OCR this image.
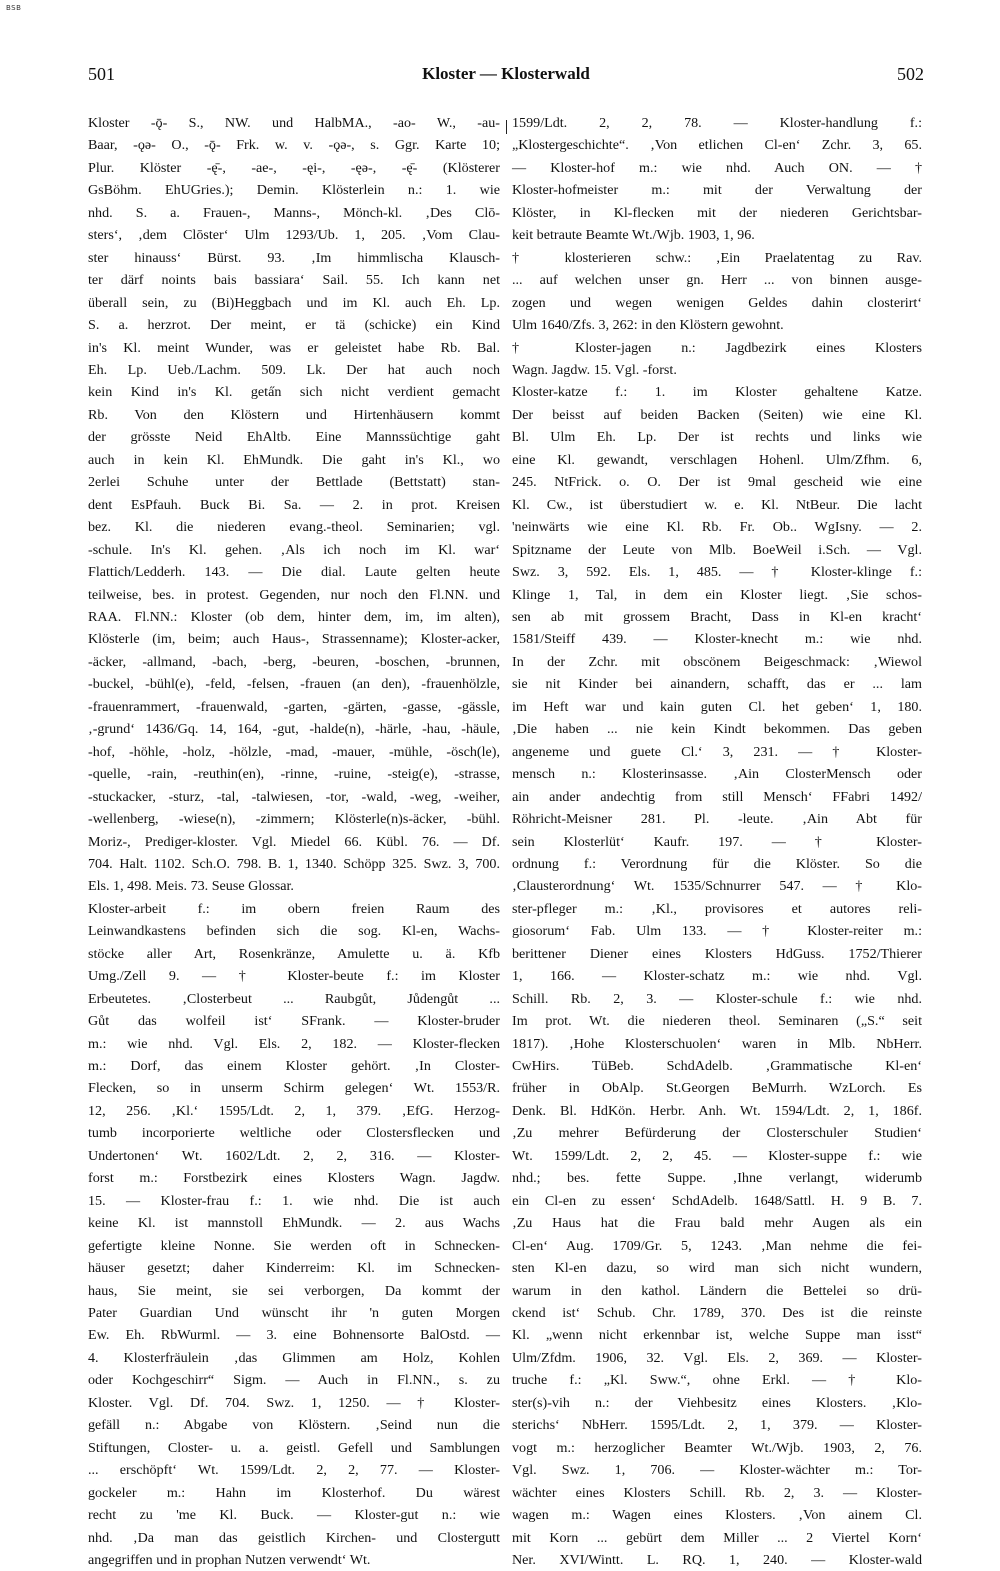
BSB
501	Kloster — Klosterwald	502

Kloster -ǭ- S., NW. und HalbMA., -ao- W., -au-

Baar, -ǫə- O., -ǭ- Frk. w. v. -ǫə-, s. Ggr. Karte 10;

Plur. Klöster -ę̄-, -ae-, -ęi-, -ęə-, -ę̄- (Klösterer

GsBöhm. EhUGries.); Demin. Klösterlein n.: 1. wie

nhd. S. a. Frauen-, Manns-, Mönch-kl. ‚Des Clō-

sters‘, ‚dem Clōster‘ Ulm 1293/Ub. 1, 205. ‚Vom Clau-

ster hinauss‘ Bürst. 93. ‚Im himmlischa Klausch-

ter därf noints bais bassiara‘ Sail. 55. Ich kann net

überall sein, zu (Bi)Heggbach und im Kl. auch Eh. Lp.

S. a. herzrot. Der meint, er tä (schicke) ein Kind

in's Kl. meint Wunder, was er geleistet habe Rb. Bal.

Eh. Lp. Ueb./Lachm. 509. Lk. Der hat auch noch

kein Kind in's Kl. geta̋n sich nicht verdient gemacht

Rb. Von den Klöstern und Hirtenhäusern kommt

der grösste Neid EhAltb. Eine Mannssüchtige gaht

auch in kein Kl. EhMundk. Die gaht in's Kl., wo

2erlei Schuhe unter der Bettlade (Bettstatt) stan-

dent EsPfauh. Buck Bi. Sa. — 2. in prot. Kreisen

bez. Kl. die niederen evang.-theol. Seminarien; vgl.

-schule. In's Kl. gehen. ‚Als ich noch im Kl. war‘

Flattich/Ledderh. 143. — Die dial. Laute gelten heute

teilweise, bes. in protest. Gegenden, nur noch den Fl.NN. und

RAA. Fl.NN.: Kloster (ob dem, hinter dem, im, im alten),

Klösterle (im, beim; auch Haus-, Strassenname); Kloster-acker,

-äcker, -allmand, -bach, -berg, -beuren, -boschen, -brunnen,

-buckel, -bühl(e), -feld, -felsen, -frauen (an den), -frauenhölzle,

-frauenrammert, -frauenwald, -garten, -gärten, -gasse, -gässle,

‚-grund‘ 1436/Gq. 14, 164, -gut, -halde(n), -härle, -hau, -häule,

-hof, -höhle, -holz, -hölzle, -mad, -mauer, -mühle, -ösch(le),

-quelle, -rain, -reuthin(en), -rinne, -ruine, -steig(e), -strasse,

-stuckacker, -sturz, -tal, -talwiesen, -tor, -wald, -weg, -weiher,

-wellenberg, -wiese(n), -zimmern; Klösterle(n)s-äcker, -bühl.

Moriz-, Prediger-kloster. Vgl. Miedel 66. Kübl. 76. — Df.

704. Halt. 1102. Sch.O. 798. B. 1, 1340. Schöpp 325. Swz. 3, 700.

Els. 1, 498. Meis. 73. Seuse Glossar.

Kloster-arbeit f.: im obern freien Raum des

Leinwandkastens befinden sich die sog. Kl-en, Wachs-

stöcke aller Art, Rosenkränze, Amulette u. ä. Kfb

Umg./Zell 9. — † Kloster-beute f.: im Kloster

Erbeutetes. ‚Closterbeut ... Raubgůt, Jůdengůt ...

Gůt das wolfeil ist‘ SFrank. — Kloster-bruder

m.: wie nhd. Vgl. Els. 2, 182. — Kloster-flecken

m.: Dorf, das einem Kloster gehört. ‚In Closter-

Flecken, so in unserm Schirm gelegen‘ Wt. 1553/R.

12, 256. ‚Kl.‘ 1595/Ldt. 2, 1, 379. ‚EfG. Herzog-

tumb incorporierte weltliche oder Clostersflecken und

Undertonen‘ Wt. 1602/Ldt. 2, 2, 316. — Kloster-

forst m.: Forstbezirk eines Klosters Wagn. Jagdw.

15. — Kloster-frau f.: 1. wie nhd. Die ist auch

keine Kl. ist mannstoll EhMundk. — 2. aus Wachs

gefertigte kleine Nonne. Sie werden oft in Schnecken-

häuser gesetzt; daher Kinderreim: Kl. im Schnecken-

haus, Sie meint, sie sei verborgen, Da kommt der

Pater Guardian Und wünscht ihr 'n guten Morgen

Ew. Eh. RbWurml. — 3. eine Bohnensorte BalOstd. —

4. Klosterfräulein ‚das Glimmen am Holz, Kohlen

oder Kochgeschirr“ Sigm. — Auch in Fl.NN., s. zu

Kloster. Vgl. Df. 704. Swz. 1, 1250. — † Kloster-

gefäll n.: Abgabe von Klöstern. ‚Seind nun die

Stiftungen, Closter- u. a. geistl. Gefell und Samblungen

... erschöpft‘ Wt. 1599/Ldt. 2, 2, 77. — Kloster-

gockeler m.: Hahn im Klosterhof. Du wärest

recht zu 'me Kl. Buck. — Kloster-gut n.: wie

nhd. ‚Da man das geistlich Kirchen- und Clostergutt

angegriffen und in prophan Nutzen verwendt‘ Wt.

1599/Ldt. 2, 2, 78. — Kloster-handlung f.:

„Klostergeschichte“. ‚Von etlichen Cl-en‘ Zchr. 3, 65.

— Kloster-hof m.: wie nhd. Auch ON. — †

Kloster-hofmeister m.: mit der Verwaltung der

Klöster, in Kl-flecken mit der niederen Gerichtsbar-

keit betraute Beamte Wt./Wjb. 1903, 1, 96.

† klosterieren schw.: ‚Ein Praelatentag zu Rav.

... auf welchen unser gn. Herr ... von binnen ausge-

zogen und wegen wenigen Geldes dahin closterirt‘

Ulm 1640/Zfs. 3, 262: in den Klöstern gewohnt.

† Kloster-jagen n.: Jagdbezirk eines Klosters

Wagn. Jagdw. 15. Vgl. -forst.

Kloster-katze f.: 1. im Kloster gehaltene Katze.

Der beisst auf beiden Backen (Seiten) wie eine Kl.

Bl. Ulm Eh. Lp. Der ist rechts und links wie

eine Kl. gewandt, verschlagen Hohenl. Ulm/Zfhm. 6,

245. NtFrick. o. O. Der ist 9mal gescheid wie eine

Kl. Cw., ist überstudiert w. e. Kl. NtBeur. Die lacht

'neinwärts wie eine Kl. Rb. Fr. Ob.. WgIsny. — 2.

Spitzname der Leute von Mlb. BoeWeil i.Sch. — Vgl.

Swz. 3, 592. Els. 1, 485. — † Kloster-klinge f.:

Klinge 1, Tal, in dem ein Kloster liegt. ‚Sie schos-

sen ab mit grossem Bracht, Dass in Kl-en kracht‘

1581/Steiff 439. — Kloster-knecht m.: wie nhd.

In der Zchr. mit obscönem Beigeschmack: ‚Wiewol

sie nit Kinder bei ainandern, schafft, das er ... lam

im Heft war und kain guten Cl. het geben‘ 1, 180.

‚Die haben ... nie kein Kindt bekommen. Das geben

angeneme und guete Cl.‘ 3, 231. — † Kloster-

mensch n.: Klosterinsasse. ‚Ain ClosterMensch oder

ain ander andechtig from still Mensch‘ FFabri 1492/

Röhricht-Meisner 281. Pl. -leute. ‚Ain Abt für

sein Klosterlüt‘ Kaufr. 197. — † Kloster-

ordnung f.: Verordnung für die Klöster. So die

‚Clausterordnung‘ Wt. 1535/Schnurrer 547. — † Klo-

ster-pfleger m.: ‚Kl., provisores et autores reli-

giosorum‘ Fab. Ulm 133. — † Kloster-reiter m.:

berittener Diener eines Klosters HdGuss. 1752/Thierer

1, 166. — Kloster-schatz m.: wie nhd. Vgl.

Schill. Rb. 2, 3. — Kloster-schule f.: wie nhd.

Im prot. Wt. die niederen theol. Seminaren („S.“ seit

1817). ‚Hohe Klosterschuolen‘ waren in Mlb. NbHerr.

CwHirs. TüBeb. SchdAdelb. ‚Grammatische Kl-en‘

früher in ObAlp. St.Georgen BeMurrh. WzLorch. Es

Denk. Bl. HdKön. Herbr. Anh. Wt. 1594/Ldt. 2, 1, 186f.

‚Zu mehrer Befürderung der Closterschuler Studien‘

Wt. 1599/Ldt. 2, 2, 45. — Kloster-suppe f.: wie

nhd.; bes. fette Suppe. ‚Ihne verlangt, widerumb

ein Cl-en zu essen‘ SchdAdelb. 1648/Sattl. H. 9 B. 7.

‚Zu Haus hat die Frau bald mehr Augen als ein

Cl-en‘ Aug. 1709/Gr. 5, 1243. ‚Man nehme die fei-

sten Kl-en dazu, so wird man sich nicht wundern,

warum in den kathol. Ländern die Bettelei so drü-

ckend ist‘ Schub. Chr. 1789, 370. Des ist die reinste

Kl. „wenn nicht erkennbar ist, welche Suppe man isst“

Ulm/Zfdm. 1906, 32. Vgl. Els. 2, 369. — Kloster-

truche f.: „Kl. Sww.“, ohne Erkl. — † Klo-

ster(s)-vih n.: der Viehbesitz eines Klosters. ‚Klo-

sterichs‘ NbHerr. 1595/Ldt. 2, 1, 379. — Kloster-

vogt m.: herzoglicher Beamter Wt./Wjb. 1903, 2, 76.

Vgl. Swz. 1, 706. — Kloster-wächter m.: Tor-

wächter eines Klosters Schill. Rb. 2, 3. — Kloster-

wagen m.: Wagen eines Klosters. ‚Von ainem Cl.

mit Korn ... gebürt dem Miller ... 2 Viertel Korn‘

Ner. XVI/Wintt. L. RQ. 1, 240. — Kloster-wald
